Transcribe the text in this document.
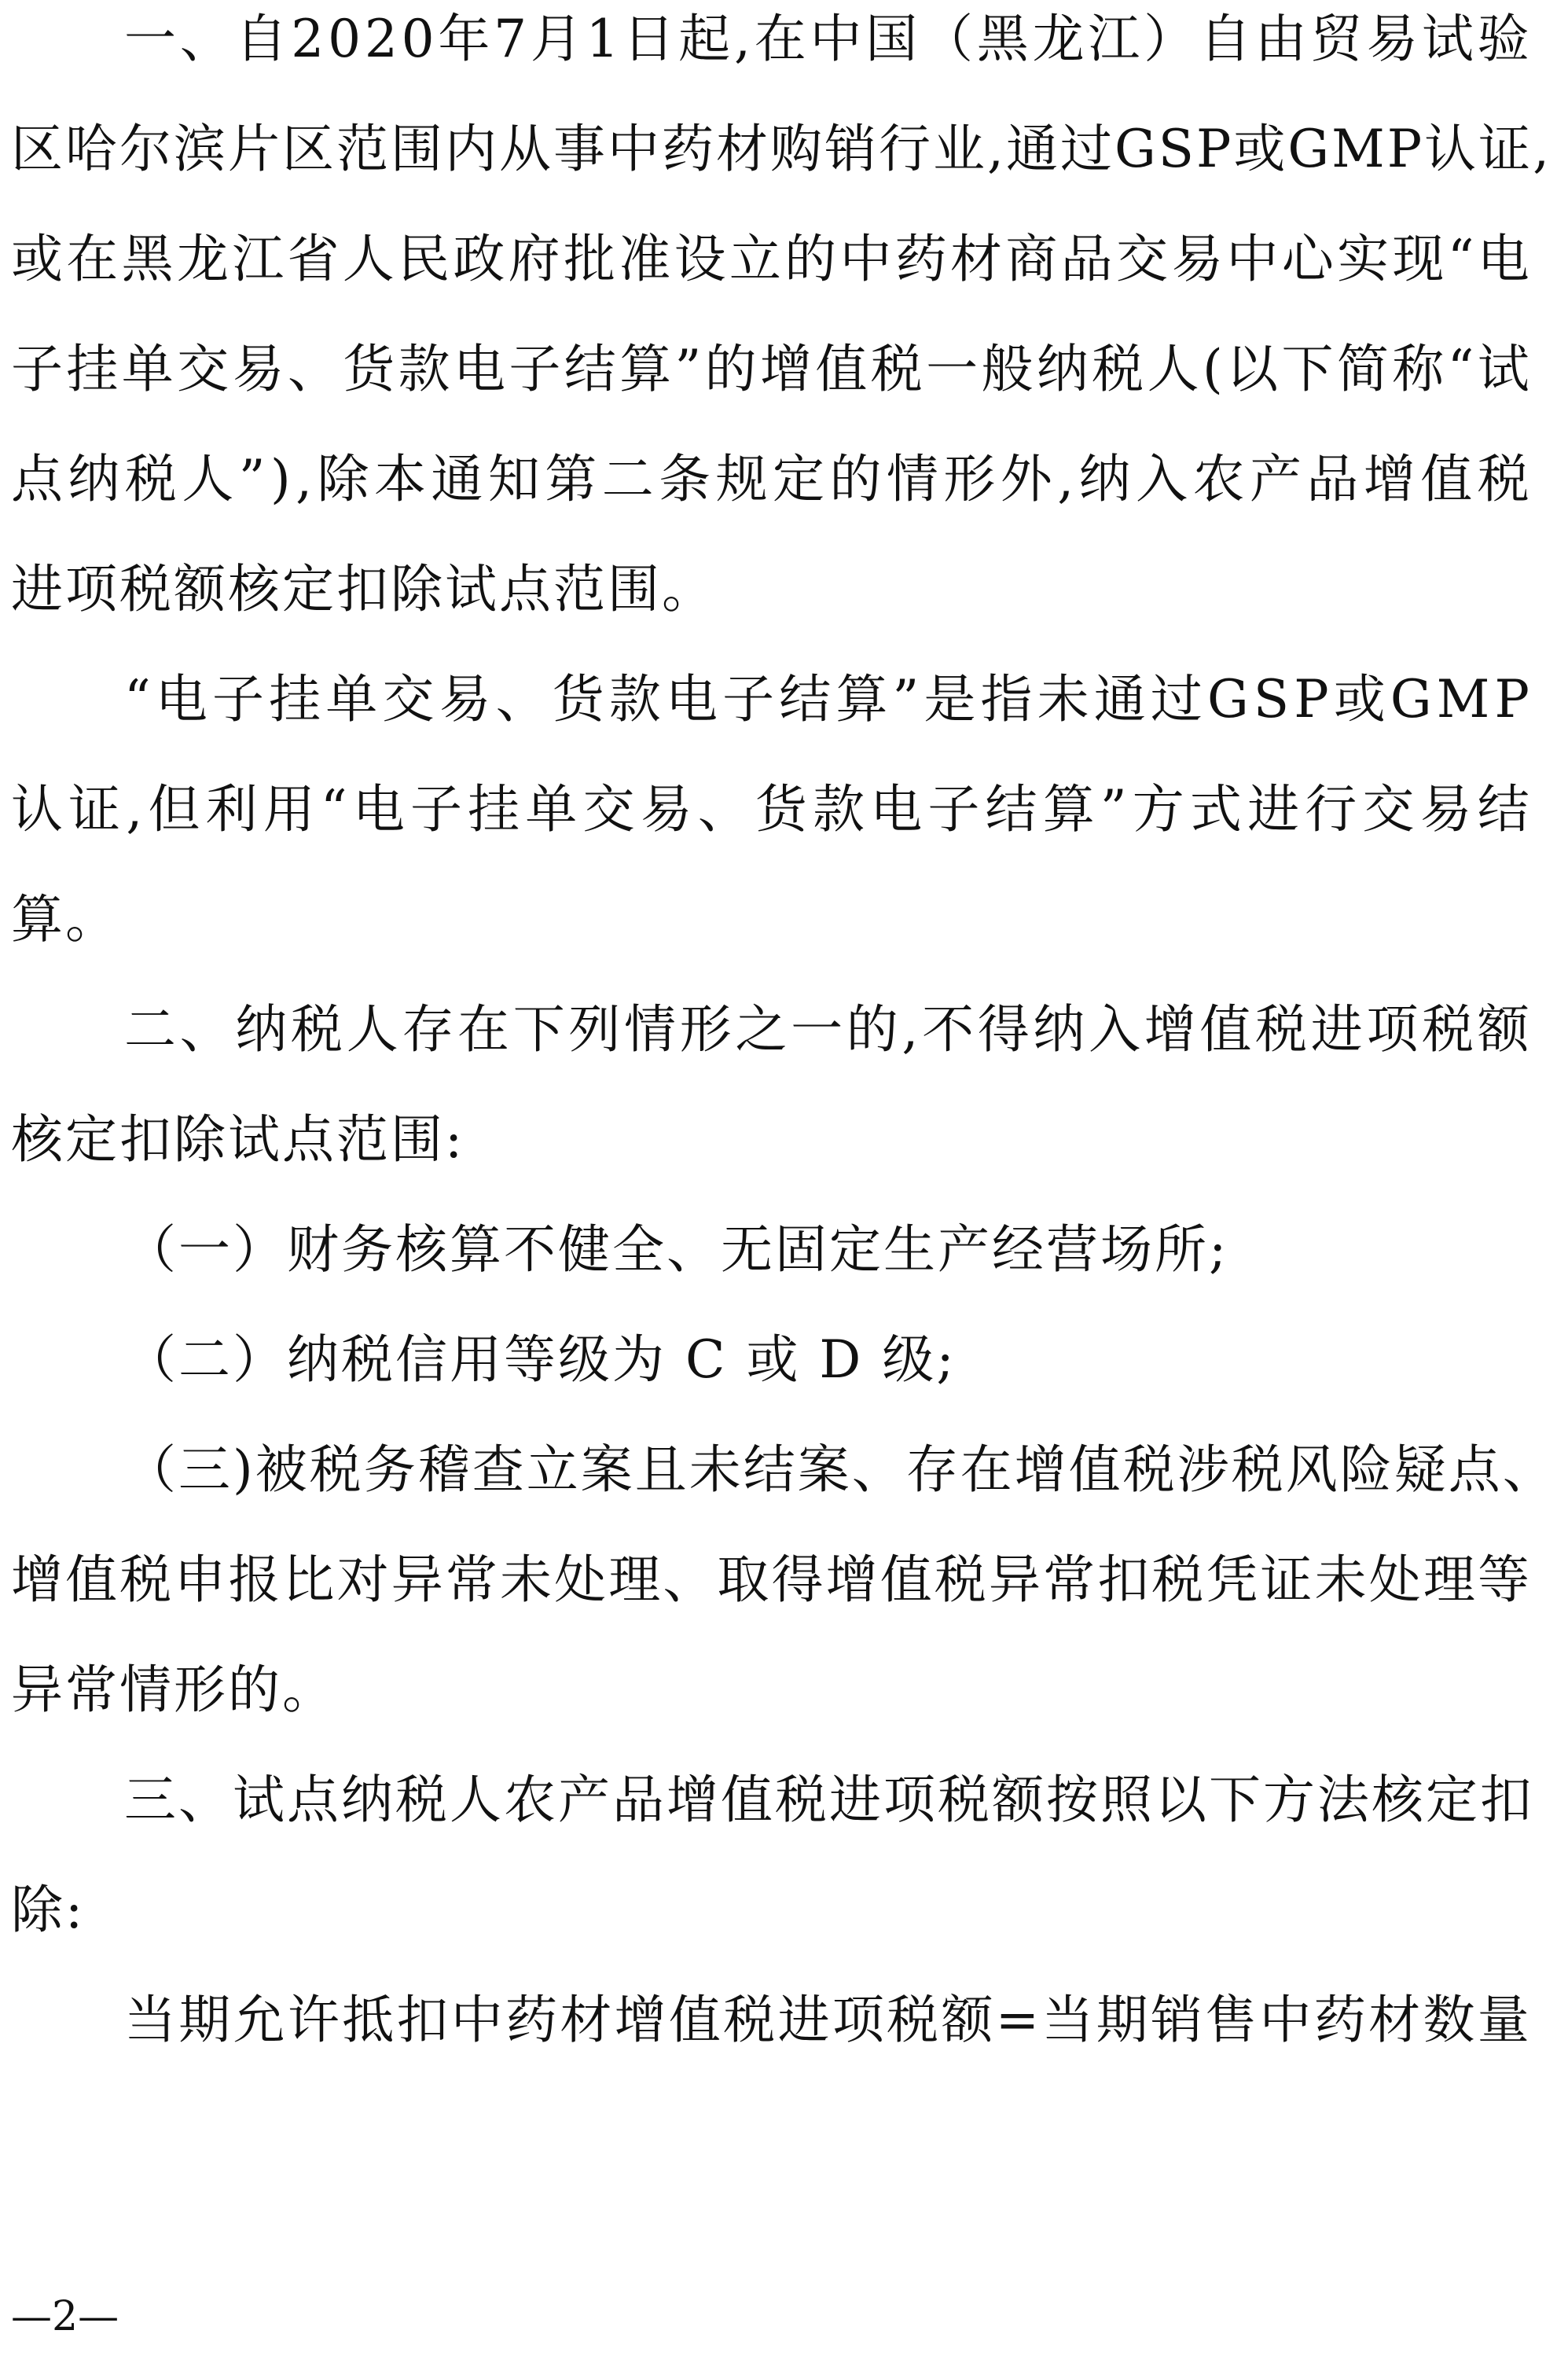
一 、 自 2 0 2 0 年 7 月 1 日 起 , 在 中 国 （ 黑 龙 江 ） 自 由 贸 易 试 验
区 哈 尔 滨 片 区 范 围 内 从 事 中 药 材 购 销 行 业 , 通 过 G S P 或 G M P 认 证 ,
或 在 黑 龙 江 省 人 民 政 府 批 准 设 立 的 中 药 材 商 品 交 易 中 心 实 现 “ 电
子 挂 单 交 易 、 货 款 电 子 结 算 ” 的 增 值 税 一 般 纳 税 人 ( 以 下 简 称 “ 试
点 纳 税 人 ” ) , 除 本 通 知 第 二 条 规 定 的 情 形 外 , 纳 入 农 产 品 增 值 税
进项税额核定扣除试点范围。
“ 电 子 挂 单 交 易 、 货 款 电 子 结 算 ” 是 指 未 通 过 G S P 或 G M P
认 证 , 但 利 用 “ 电 子 挂 单 交 易 、 货 款 电 子 结 算 ” 方 式 进 行 交 易 结
算。
二 、 纳 税 人 存 在 下 列 情 形 之 一 的 , 不 得 纳 入 增 值 税 进 项 税 额
核定扣除试点范围:
（一）财务核算不健全、无固定生产经营场所;
（二）纳税信用等级为 C 或 D 级;
（ 三 ) 被 税 务 稽 查 立 案 且 未 结 案 、 存 在 增 值 税 涉 税 风 险 疑 点 、
增 值 税 申 报 比 对 异 常 未 处 理 、 取 得 增 值 税 异 常 扣 税 凭 证 未 处 理 等
异常情形的。
三 、 试 点 纳 税 人 农 产 品 增 值 税 进 项 税 额 按 照 以 下 方 法 核 定 扣
除:
当 期 允 许 抵 扣 中 药 材 增 值 税 进 项 税 额 = 当 期 销 售 中 药 材 数 量
—2—
